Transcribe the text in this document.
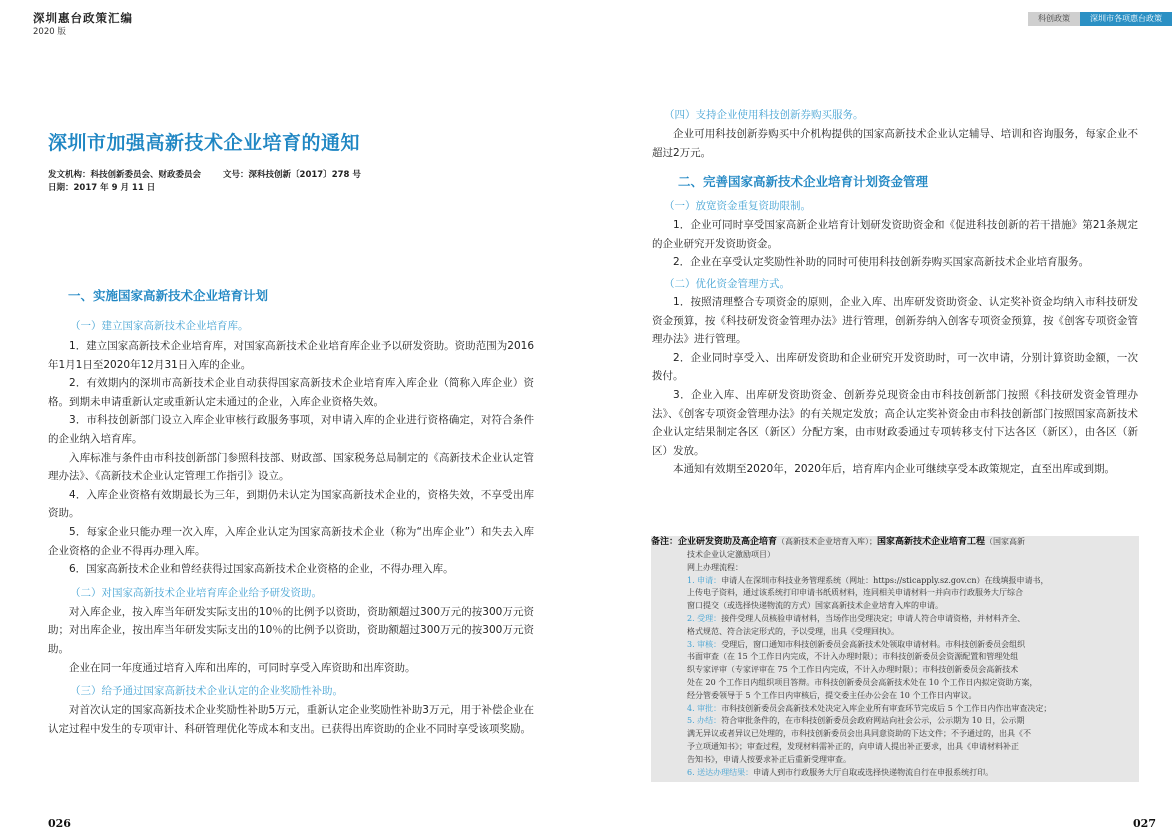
深圳惠台政策汇编
2020 版
深圳市加强高新技术企业培育的通知
发文机构：科技创新委员会、财政委员会	文号：深科技创新〔2017〕278 号
日期：2017 年 9 月 11 日
一、实施国家高新技术企业培育计划
（一）建立国家高新技术企业培育库。

1．建立国家高新技术企业培育库，对国家高新技术企业培育库企业予以研发资助。资助范围为2016年1月1日至2020年12月31日入库的企业。

2．有效期内的深圳市高新技术企业自动获得国家高新技术企业培育库入库企业（简称入库企业）资格。到期未申请重新认定或重新认定未通过的企业，入库企业资格失效。

3．市科技创新部门设立入库企业审核行政服务事项，对申请入库的企业进行资格确定，对符合条件的企业纳入培育库。

入库标准与条件由市科技创新部门参照科技部、财政部、国家税务总局制定的《高新技术企业认定管理办法》、《高新技术企业认定管理工作指引》设立。

4．入库企业资格有效期最长为三年，到期仍未认定为国家高新技术企业的，资格失效，不享受出库资助。

5．每家企业只能办理一次入库，入库企业认定为国家高新技术企业（称为“出库企业”）和失去入库企业资格的企业不得再办理入库。

6．国家高新技术企业和曾经获得过国家高新技术企业资格的企业，不得办理入库。

（二）对国家高新技术企业培育库企业给予研发资助。

对入库企业，按入库当年研发实际支出的10％的比例予以资助，资助额超过300万元的按300万元资助；对出库企业，按出库当年研发实际支出的10％的比例予以资助，资助额超过300万元的按300万元资助。

企业在同一年度通过培育入库和出库的，可同时享受入库资助和出库资助。

（三）给予通过国家高新技术企业认定的企业奖励性补助。

对首次认定的国家高新技术企业奖励性补助5万元，重新认定企业奖励性补助3万元，用于补偿企业在认定过程中发生的专项审计、科研管理优化等成本和支出。已获得出库资助的企业不同时享受该项奖励。

026
科创政策	深圳市各项惠台政策
（四）支持企业使用科技创新券购买服务。

企业可用科技创新券购买中介机构提供的国家高新技术企业认定辅导、培训和咨询服务，每家企业不超过2万元。

二、完善国家高新技术企业培育计划资金管理
（一）放宽资金重复资助限制。

1．企业可同时享受国家高新企业培育计划研发资助资金和《促进科技创新的若干措施》第21条规定的企业研究开发资助资金。

2．企业在享受认定奖励性补助的同时可使用科技创新券购买国家高新技术企业培育服务。

（二）优化资金管理方式。

1．按照清理整合专项资金的原则，企业入库、出库研发资助资金、认定奖补资金均纳入市科技研发资金预算，按《科技研发资金管理办法》进行管理，创新券纳入创客专项资金预算，按《创客专项资金管理办法》进行管理。

2．企业同时享受入、出库研发资助和企业研究开发资助时，可一次申请，分别计算资助金额，一次拨付。

3．企业入库、出库研发资助资金、创新券兑现资金由市科技创新部门按照《科技研发资金管理办法》、《创客专项资金管理办法》的有关规定发放；高企认定奖补资金由市科技创新部门按照国家高新技术企业认定结果制定各区（新区）分配方案，由市财政委通过专项转移支付下达各区（新区），由各区（新区）发放。

本通知有效期至2020年，2020年后，培育库内企业可继续享受本政策规定，直至出库或到期。

备注：企业研发资助及高企培育（高新技术企业培育入库）；国家高新技术企业培育工程（国家高新
技术企业认定激励项目）
网上办理流程：
1. 申请：申请人在深圳市科技业务管理系统（网址：https://sticapply.sz.gov.cn）在线填报申请书，
上传电子资料，通过该系统打印申请书纸质材料，连同相关申请材料一并向市行政服务大厅综合
窗口提交（或选择快递物流的方式）国家高新技术企业培育入库的申请。
2. 受理：接件受理人员核验申请材料，当场作出受理决定；申请人符合申请资格，并材料齐全、
格式规范、符合法定形式的，予以受理，出具《受理回执》。
3. 审核：受理后，窗口通知市科技创新委员会高新技术处领取申请材料。市科技创新委员会组织
书面审查（在 15 个工作日内完成，不计入办理时限）；市科技创新委员会资源配置和管理处组
织专家评审（专家评审在 75 个工作日内完成，不计入办理时限）；市科技创新委员会高新技术
处在 20 个工作日内组织项目答辩。市科技创新委员会高新技术处在 10 个工作日内拟定资助方案，
经分管委领导于 5 个工作日内审核后，提交委主任办公会在 10 个工作日内审议。
4. 审批：市科技创新委员会高新技术处决定入库企业所有审查环节完成后 5 个工作日内作出审查决定；
5. 办结：符合审批条件的，在市科技创新委员会政府网站向社会公示，公示期为 10 日，公示期
满无异议或者异议已处理的，市科技创新委员会出具同意资助的下达文件；不予通过的，出具《不
予立项通知书》；审查过程，发现材料需补正的，向申请人提出补正要求，出具《申请材料补正
告知书》，申请人按要求补正后重新受理审查。
6. 送达办理结果：申请人到市行政服务大厅自取或选择快递物流自行在申报系统打印。
027
